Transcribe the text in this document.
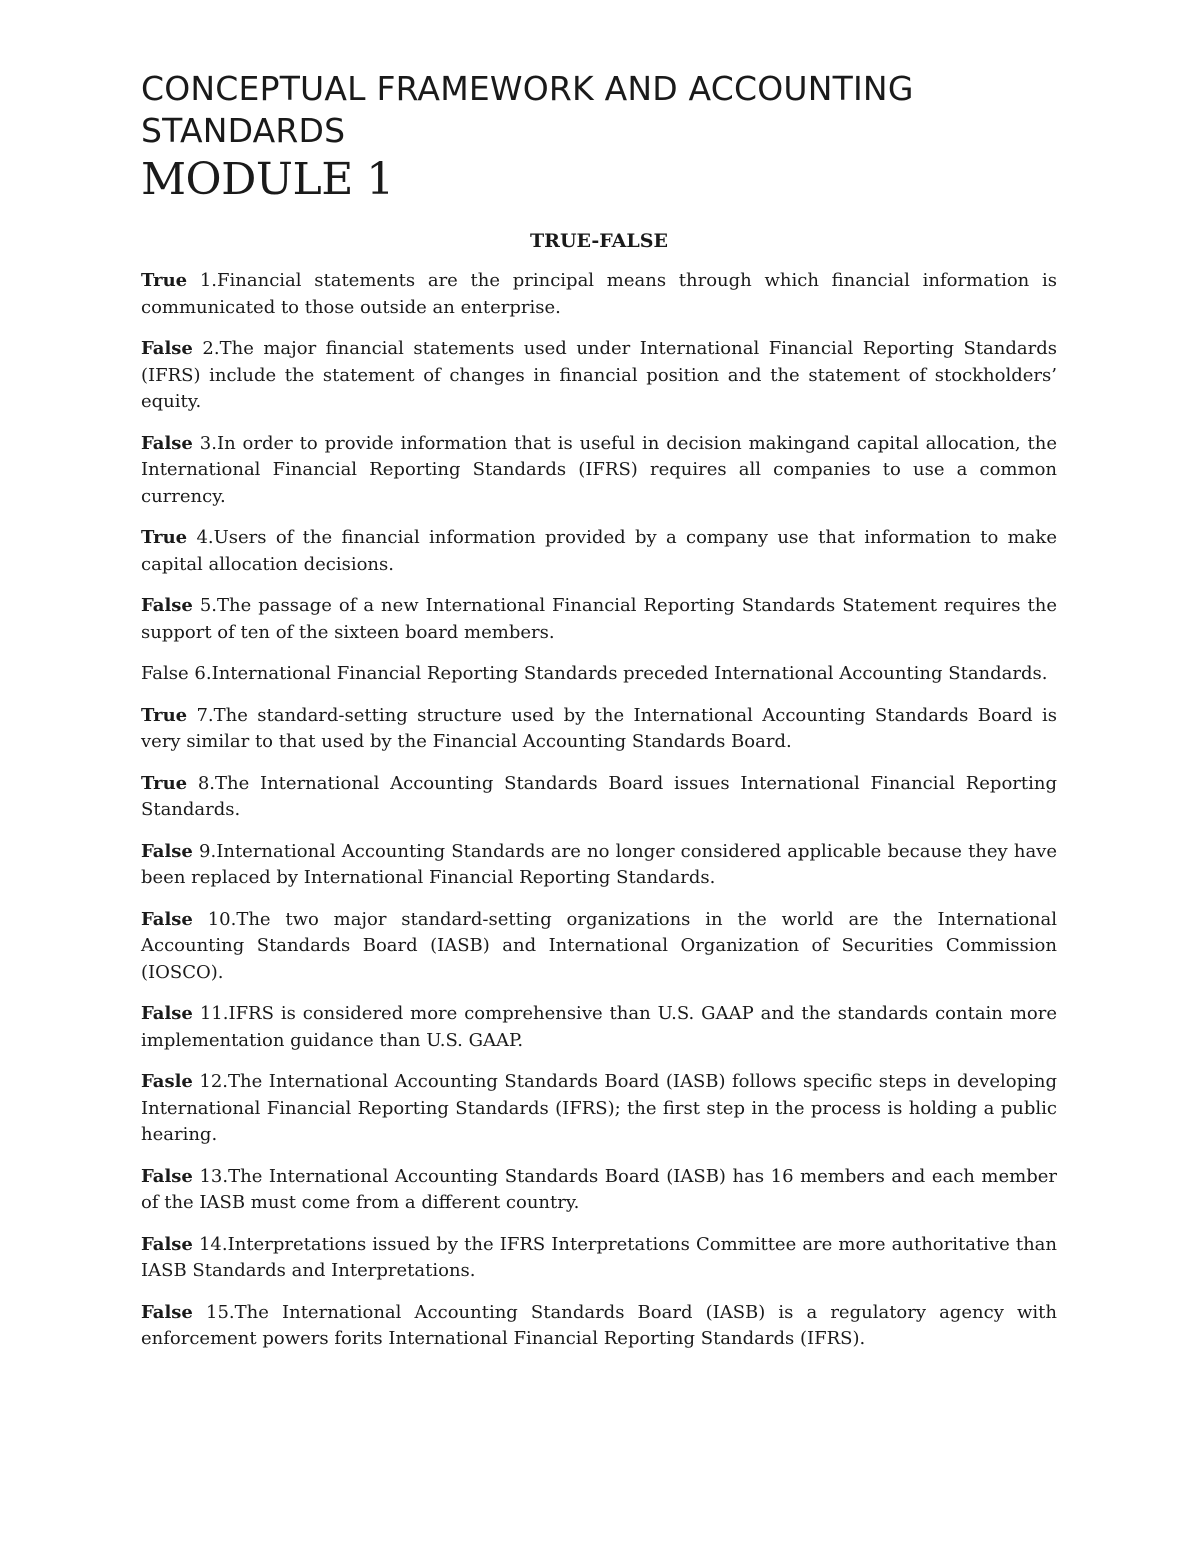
CONCEPTUAL FRAMEWORK AND ACCOUNTING STANDARDS
MODULE 1
TRUE-FALSE

True 1.Financial statements are the principal means through which financial information is communicated to those outside an enterprise.

False 2.The major financial statements used under International Financial Reporting Standards (IFRS) include the statement of changes in financial position and the statement of stockholders’ equity.

False 3.In order to provide information that is useful in decision makingand capital allocation, the International Financial Reporting Standards (IFRS) requires all companies to use a common currency.

True 4.Users of the financial information provided by a company use that information to make capital allocation decisions.

False 5.The passage of a new International Financial Reporting Standards Statement requires the support of ten of the sixteen board members.

False 6.International Financial Reporting Standards preceded International Accounting Standards.

True 7.The standard-setting structure used by the International Accounting Standards Board is very similar to that used by the Financial Accounting Standards Board.

True 8.The International Accounting Standards Board issues International Financial Reporting Standards.

False 9.International Accounting Standards are no longer considered applicable because they have been replaced by International Financial Reporting Standards.

False 10.The two major standard-setting organizations in the world are the International Accounting Standards Board (IASB) and International Organization of Securities Commission (IOSCO).

False 11.IFRS is considered more comprehensive than U.S. GAAP and the standards contain more implementation guidance than U.S. GAAP.

Fasle 12.The International Accounting Standards Board (IASB) follows specific steps in developing International Financial Reporting Standards (IFRS); the first step in the process is holding a public hearing.

False 13.The International Accounting Standards Board (IASB) has 16 members and each member of the IASB must come from a different country.

False 14.Interpretations issued by the IFRS Interpretations Committee are more authoritative than IASB Standards and Interpretations.

False 15.The International Accounting Standards Board (IASB) is a regulatory agency with enforcement powers forits International Financial Reporting Standards (IFRS).
